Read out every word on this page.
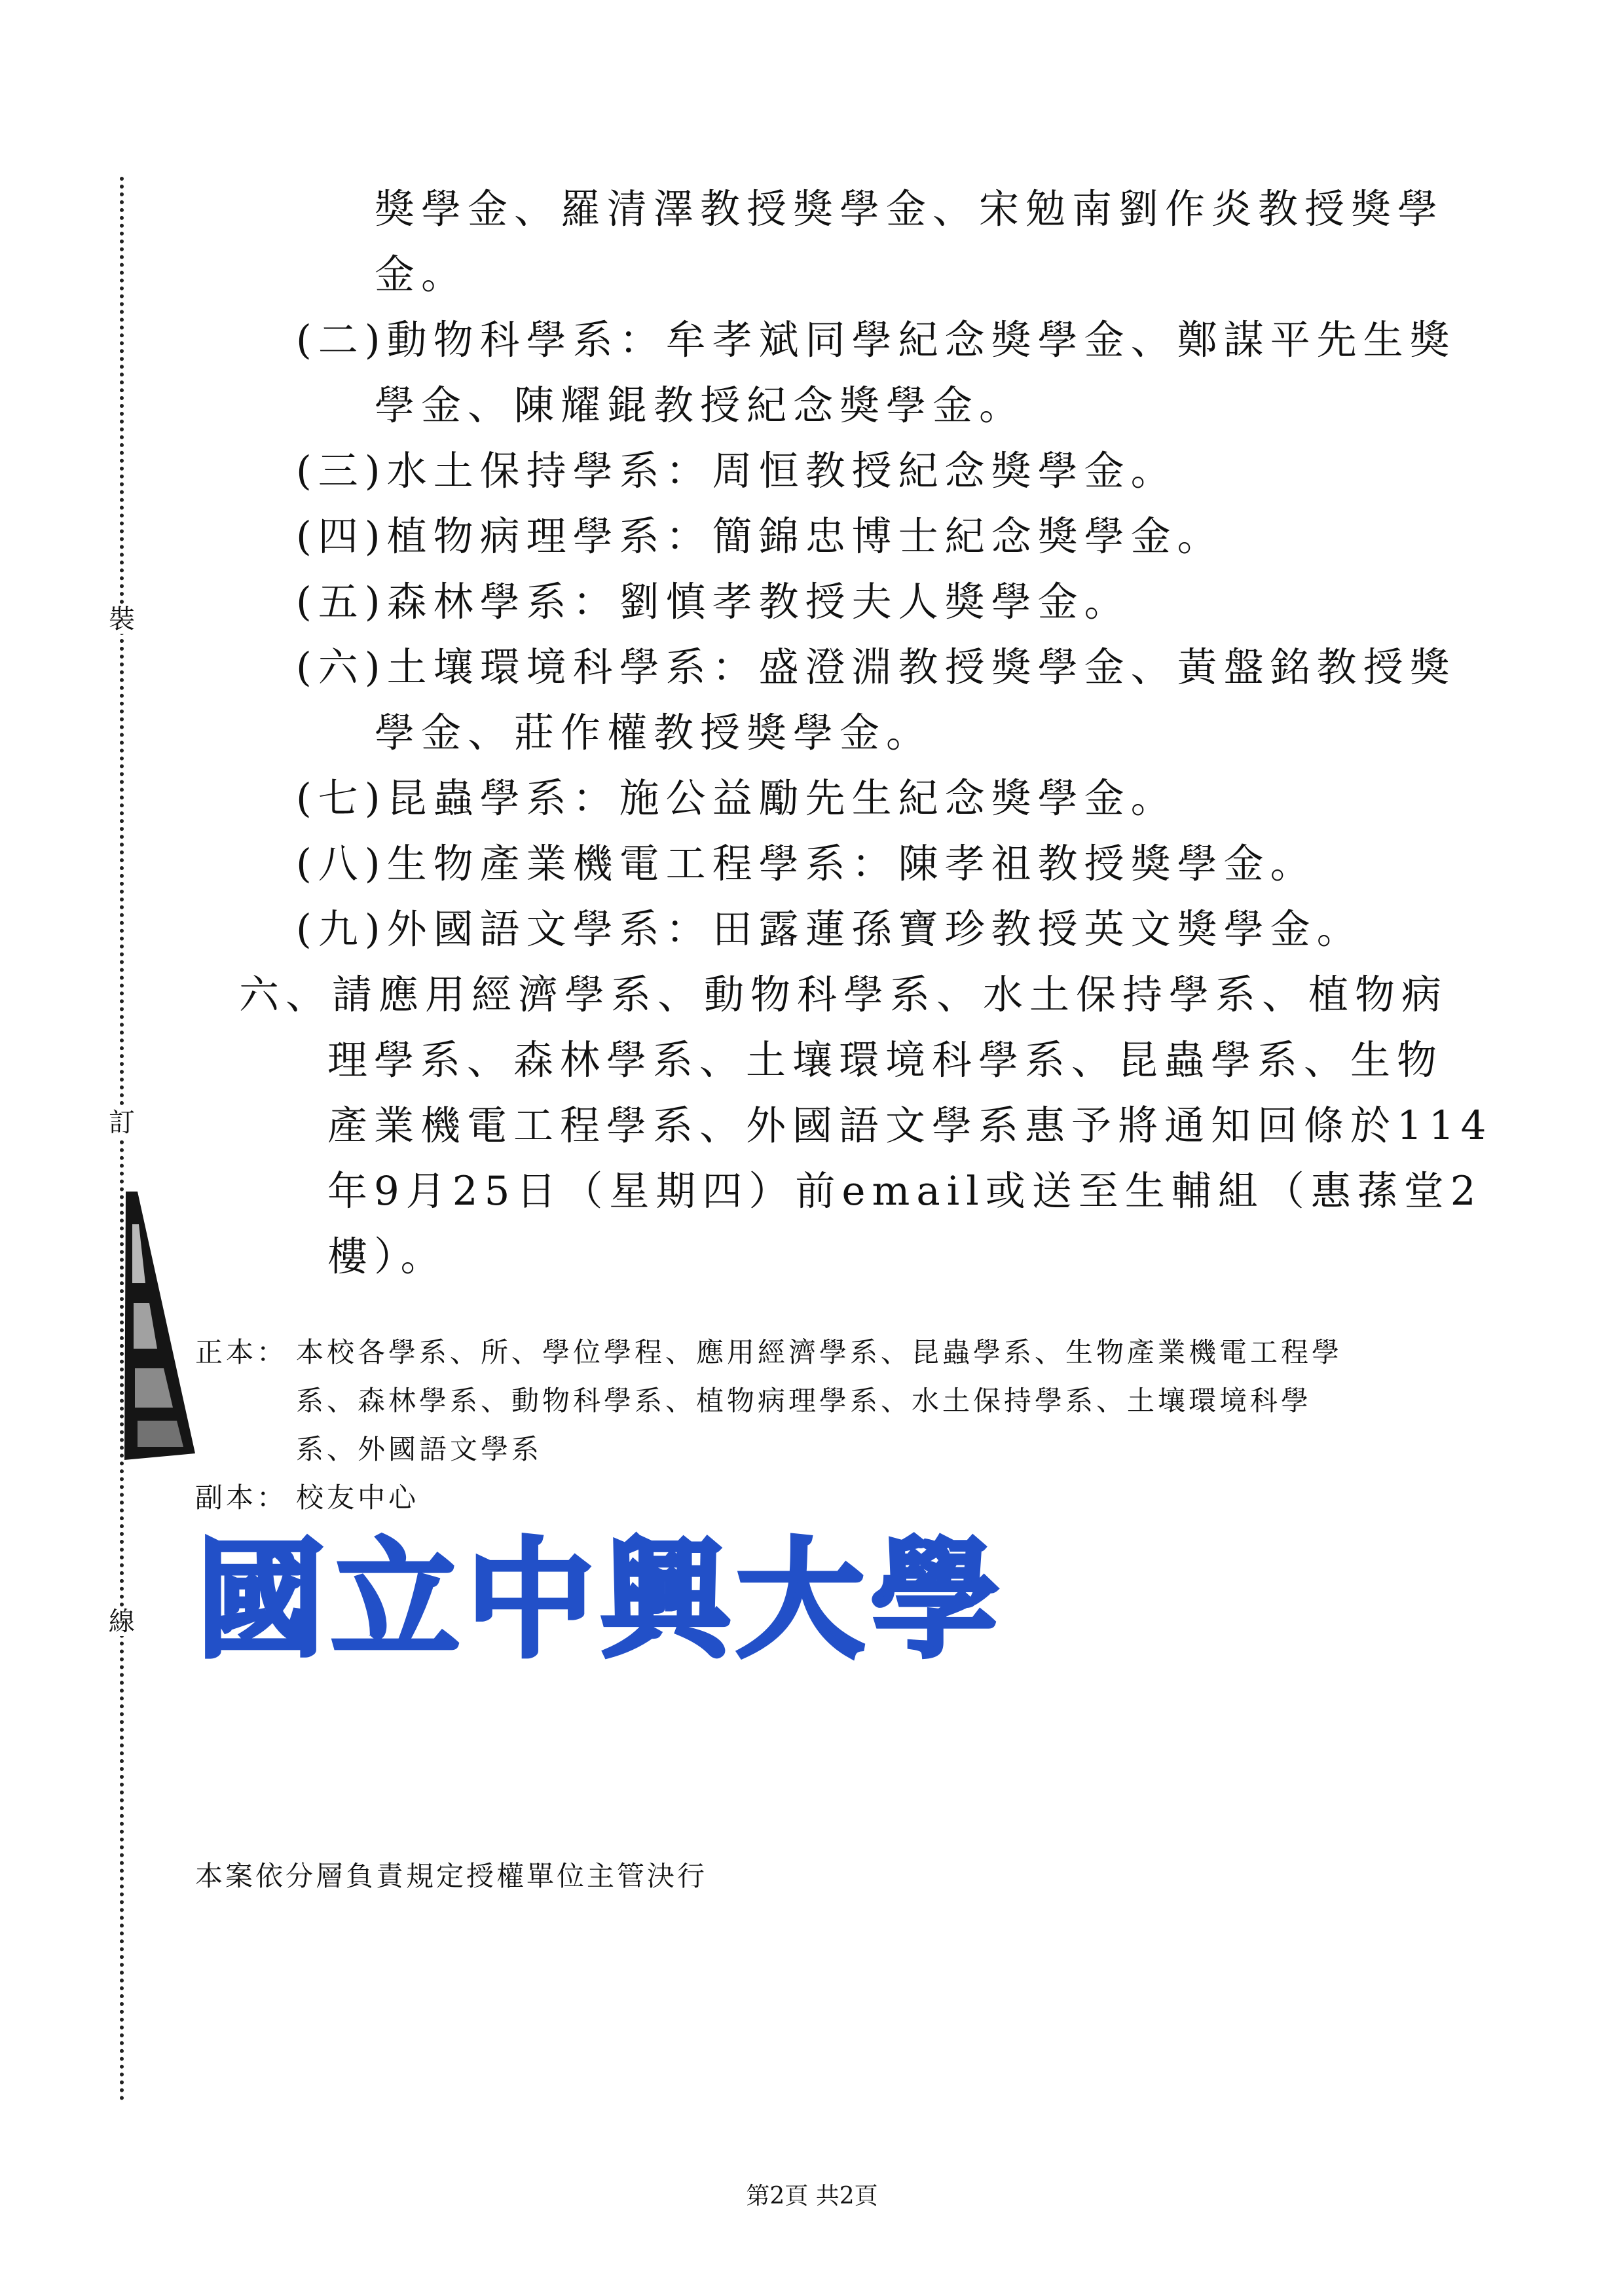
裝
訂
線
獎學金、羅清澤教授獎學金、宋勉南劉作炎教授獎學
金。
(二)動物科學系：牟孝斌同學紀念獎學金、鄭謀平先生獎
學金、陳耀錕教授紀念獎學金。
(三)水土保持學系：周恒教授紀念獎學金。
(四)植物病理學系：簡錦忠博士紀念獎學金。
(五)森林學系：劉慎孝教授夫人獎學金。
(六)土壤環境科學系：盛澄淵教授獎學金、黃盤銘教授獎
學金、莊作權教授獎學金。
(七)昆蟲學系：施公益勵先生紀念獎學金。
(八)生物產業機電工程學系：陳孝祖教授獎學金。
(九)外國語文學系：田露蓮孫寶珍教授英文獎學金。
六、請應用經濟學系、動物科學系、水土保持學系、植物病
理學系、森林學系、土壤環境科學系、昆蟲學系、生物
產業機電工程學系、外國語文學系惠予將通知回條於114
年9月25日（星期四）前email或送至生輔組（惠蓀堂2
樓）。
正本： 本校各學系、所、學位學程、應用經濟學系、昆蟲學系、生物產業機電工程學
系、森林學系、動物科學系、植物病理學系、水土保持學系、土壤環境科學
系、外國語文學系
副本： 校友中心
國立中興大學
本案依分層負責規定授權單位主管決行
第2頁 共2頁
